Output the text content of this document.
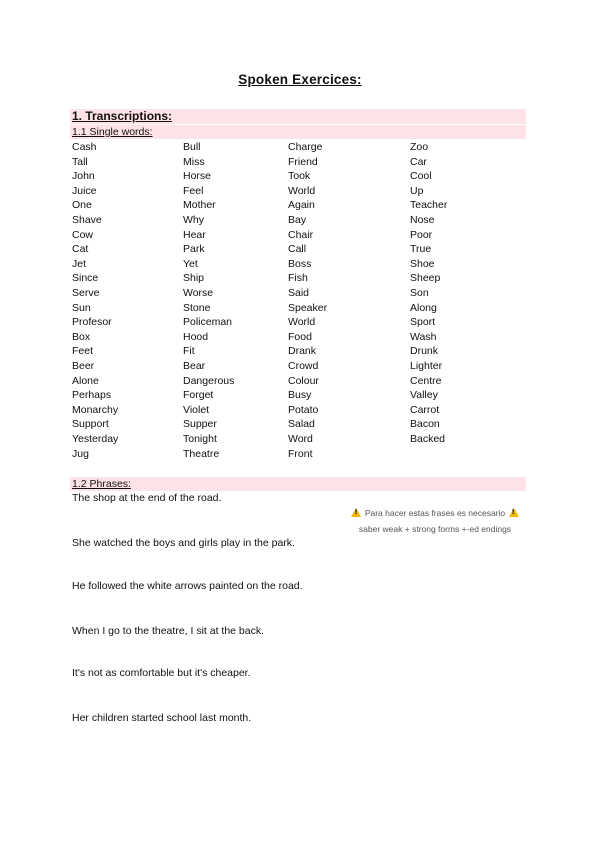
Spoken Exercices:
1. Transcriptions:
1.1 Single words:
Cash
Tall
John
Juice
One
Shave
Cow
Cat
Jet
Since
Serve
Sun
Profesor
Box
Feet
Beer
Alone
Perhaps
Monarchy
Support
Yesterday
Jug
Bull
Miss
Horse
Feel
Mother
Why
Hear
Park
Yet
Ship
Worse
Stone
Policeman
Hood
Fit
Bear
Dangerous
Forget
Violet
Supper
Tonight
Theatre
Charge
Friend
Took
World
Again
Bay
Chair
Call
Boss
Fish
Said
Speaker
World
Food
Drank
Crowd
Colour
Busy
Potato
Salad
Word
Front
Zoo
Car
Cool
Up
Teacher
Nose
Poor
True
Shoe
Sheep
Son
Along
Sport
Wash
Drunk
Lighter
Centre
Valley
Carrot
Bacon
Backed
1.2 Phrases:
The shop at the end of the road.
She watched the boys and girls play in the park.
He followed the white arrows painted on the road.
When I go to the theatre, I sit at the back.
It's not as comfortable but it's cheaper.
Her children started school last month.
! Para hacer estas frases es necesario !
saber weak + strong forms +-ed endings
